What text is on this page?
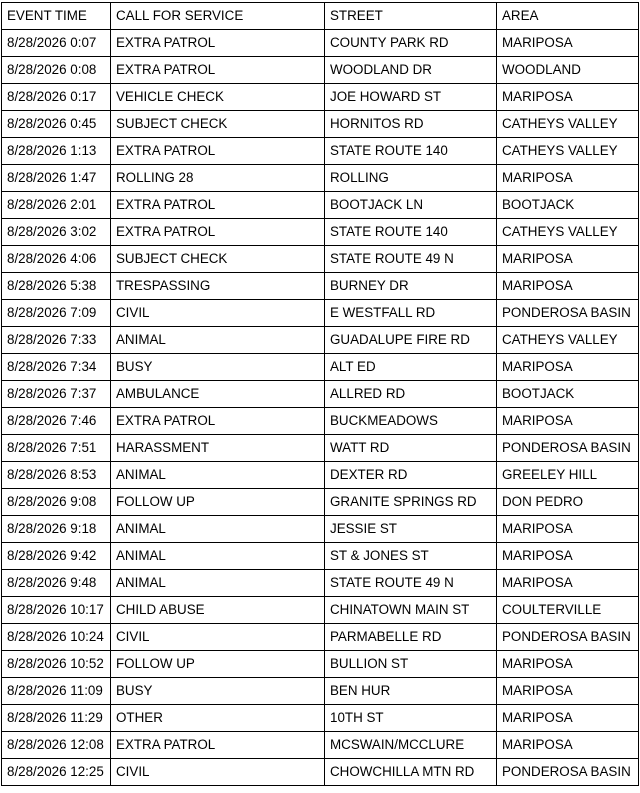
EVENT TIME	CALL FOR SERVICE	STREET	AREA
8/28/2026 0:07	EXTRA PATROL	COUNTY PARK RD	MARIPOSA
8/28/2026 0:08	EXTRA PATROL	WOODLAND DR	WOODLAND
8/28/2026 0:17	VEHICLE CHECK	JOE HOWARD ST	MARIPOSA
8/28/2026 0:45	SUBJECT CHECK	HORNITOS RD	CATHEYS VALLEY
8/28/2026 1:13	EXTRA PATROL	STATE ROUTE 140	CATHEYS VALLEY
8/28/2026 1:47	ROLLING 28	ROLLING	MARIPOSA
8/28/2026 2:01	EXTRA PATROL	BOOTJACK LN	BOOTJACK
8/28/2026 3:02	EXTRA PATROL	STATE ROUTE 140	CATHEYS VALLEY
8/28/2026 4:06	SUBJECT CHECK	STATE ROUTE 49 N	MARIPOSA
8/28/2026 5:38	TRESPASSING	BURNEY DR	MARIPOSA
8/28/2026 7:09	CIVIL	E WESTFALL RD	PONDEROSA BASIN
8/28/2026 7:33	ANIMAL	GUADALUPE FIRE RD	CATHEYS VALLEY
8/28/2026 7:34	BUSY	ALT ED	MARIPOSA
8/28/2026 7:37	AMBULANCE	ALLRED RD	BOOTJACK
8/28/2026 7:46	EXTRA PATROL	BUCKMEADOWS	MARIPOSA
8/28/2026 7:51	HARASSMENT	WATT RD	PONDEROSA BASIN
8/28/2026 8:53	ANIMAL	DEXTER RD	GREELEY HILL
8/28/2026 9:08	FOLLOW UP	GRANITE SPRINGS RD	DON PEDRO
8/28/2026 9:18	ANIMAL	JESSIE ST	MARIPOSA
8/28/2026 9:42	ANIMAL	ST & JONES ST	MARIPOSA
8/28/2026 9:48	ANIMAL	STATE ROUTE 49 N	MARIPOSA
8/28/2026 10:17	CHILD ABUSE	CHINATOWN MAIN ST	COULTERVILLE
8/28/2026 10:24	CIVIL	PARMABELLE RD	PONDEROSA BASIN
8/28/2026 10:52	FOLLOW UP	BULLION ST	MARIPOSA
8/28/2026 11:09	BUSY	BEN HUR	MARIPOSA
8/28/2026 11:29	OTHER	10TH ST	MARIPOSA
8/28/2026 12:08	EXTRA PATROL	MCSWAIN/MCCLURE	MARIPOSA
8/28/2026 12:25	CIVIL	CHOWCHILLA MTN RD	PONDEROSA BASIN
